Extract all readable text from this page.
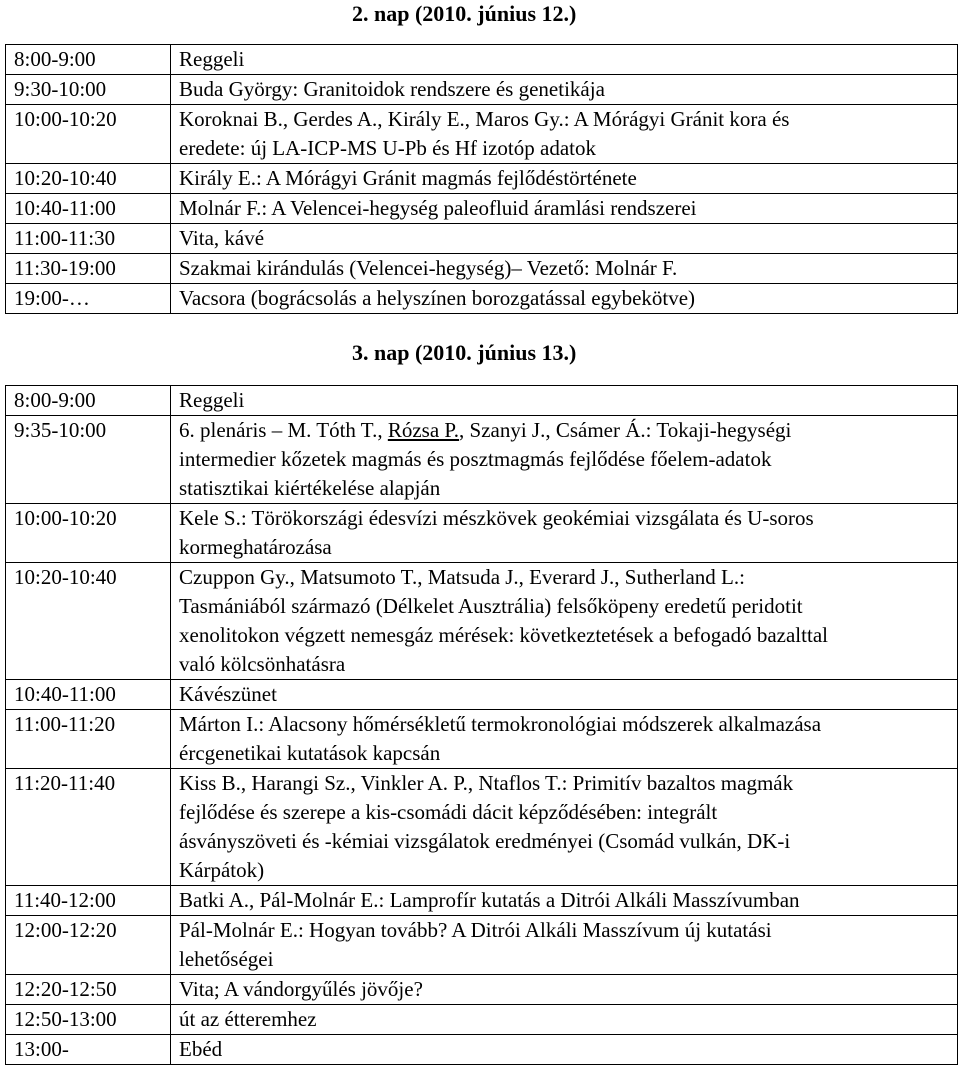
2. nap (2010. június 12.)
8:00-9:00	Reggeli

9:30-10:00	Buda György: Granitoidok rendszere és genetikája

10:00-10:20	Koroknai B., Gerdes A., Király E., Maros Gy.: A Mórágyi Gránit kora és
eredete: új LA-ICP-MS U-Pb és Hf izotóp adatok

10:20-10:40	Király E.: A Mórágyi Gránit magmás fejlődéstörténete

10:40-11:00	Molnár F.: A Velencei-hegység paleofluid áramlási rendszerei

11:00-11:30	Vita, kávé

11:30-19:00	Szakmai kirándulás (Velencei-hegység)– Vezető: Molnár F.

19:00-…	Vacsora (bográcsolás a helyszínen borozgatással egybekötve)
3. nap (2010. június 13.)
8:00-9:00	Reggeli

9:35-10:00	6. plenáris – M. Tóth T., Rózsa P., Szanyi J., Csámer Á.: Tokaji-hegységi
intermedier kőzetek magmás és posztmagmás fejlődése főelem-adatok
statisztikai kiértékelése alapján

10:00-10:20	Kele S.: Törökországi édesvízi mészkövek geokémiai vizsgálata és U-soros
kormeghatározása

10:20-10:40	Czuppon Gy., Matsumoto T., Matsuda J., Everard J., Sutherland L.:
Tasmániából származó (Délkelet Ausztrália) felsőköpeny eredetű peridotit
xenolitokon végzett nemesgáz mérések: következtetések a befogadó bazalttal
való kölcsönhatásra

10:40-11:00	Kávészünet

11:00-11:20	Márton I.: Alacsony hőmérsékletű termokronológiai módszerek alkalmazása
ércgenetikai kutatások kapcsán

11:20-11:40	Kiss B., Harangi Sz., Vinkler A. P., Ntaflos T.: Primitív bazaltos magmák
fejlődése és szerepe a kis-csomádi dácit képződésében: integrált
ásványszöveti és -kémiai vizsgálatok eredményei (Csomád vulkán, DK-i
Kárpátok)

11:40-12:00	Batki A., Pál-Molnár E.: Lamprofír kutatás a Ditrói Alkáli Masszívumban

12:00-12:20	Pál-Molnár E.: Hogyan tovább? A Ditrói Alkáli Masszívum új kutatási
lehetőségei

12:20-12:50	Vita; A vándorgyűlés jövője?

12:50-13:00	út az étteremhez

13:00-	Ebéd
